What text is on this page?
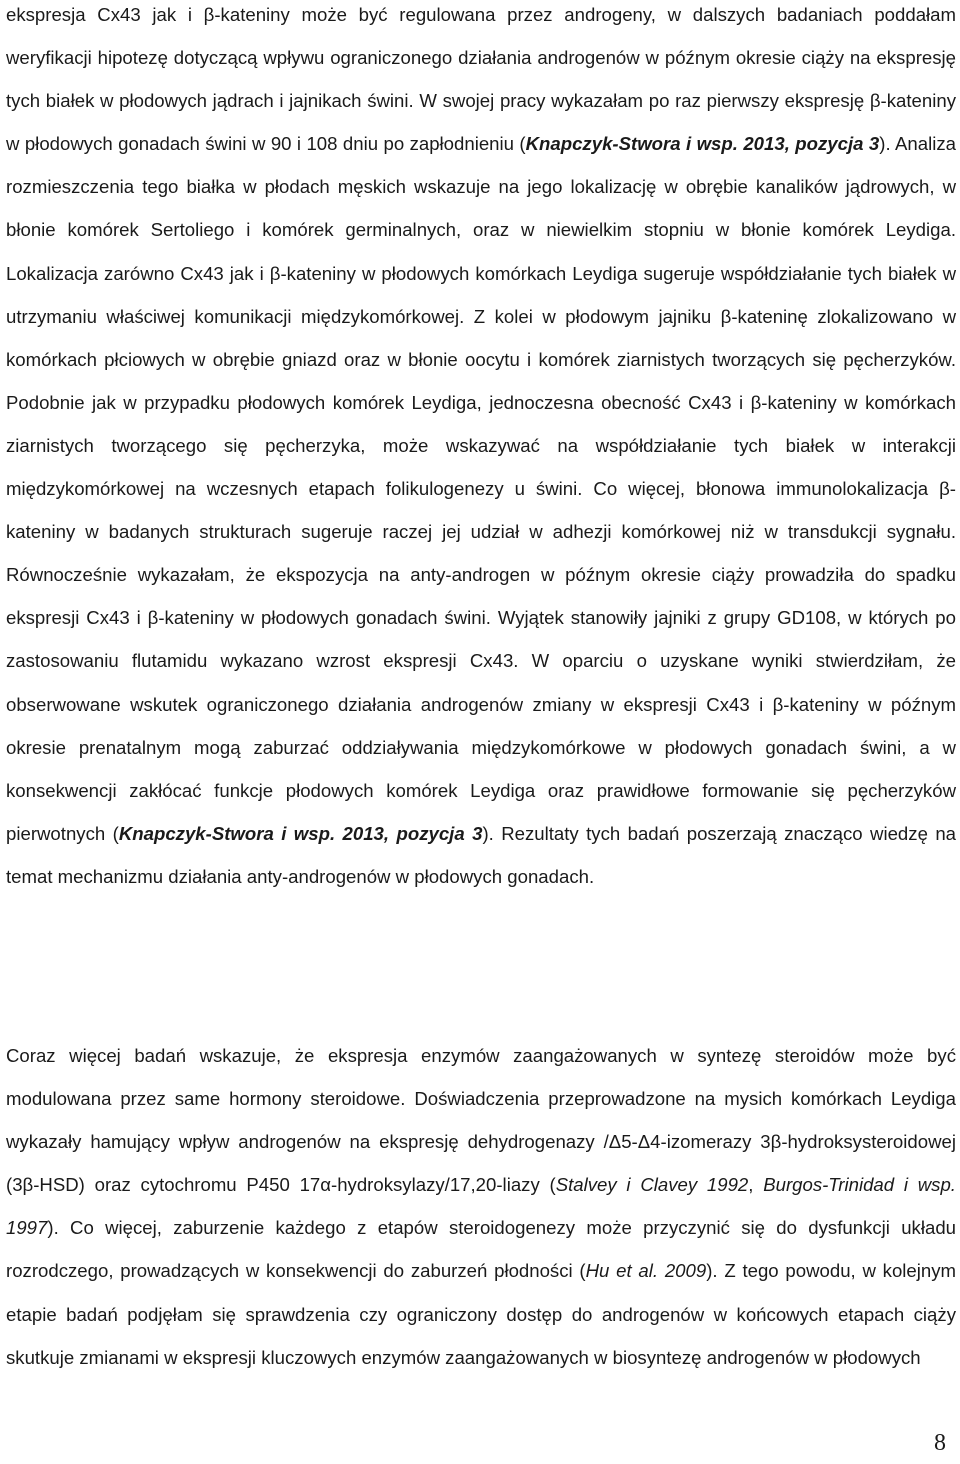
ekspresja Cx43 jak i β-kateniny może być regulowana przez androgeny, w dalszych badaniach poddałam weryfikacji hipotezę dotyczącą wpływu ograniczonego działania androgenów w późnym okresie ciąży na ekspresję tych białek w płodowych jądrach i jajnikach świni. W swojej pracy wykazałam po raz pierwszy ekspresję β-kateniny w płodowych gonadach świni w 90 i 108 dniu po zapłodnieniu (Knapczyk-Stwora i wsp. 2013, pozycja 3). Analiza rozmieszczenia tego białka w płodach męskich wskazuje na jego lokalizację w obrębie kanalików jądrowych, w błonie komórek Sertoliego i komórek germinalnych, oraz w niewielkim stopniu w błonie komórek Leydiga. Lokalizacja zarówno Cx43 jak i β-kateniny w płodowych komórkach Leydiga sugeruje współdziałanie tych białek w utrzymaniu właściwej komunikacji międzykomórkowej. Z kolei w płodowym jajniku β-kateninę zlokalizowano w komórkach płciowych w obrębie gniazd oraz w błonie oocytu i komórek ziarnistych tworzących się pęcherzyków. Podobnie jak w przypadku płodowych komórek Leydiga, jednoczesna obecność Cx43 i β-kateniny w komórkach ziarnistych tworzącego się pęcherzyka, może wskazywać na współdziałanie tych białek w interakcji międzykomórkowej na wczesnych etapach folikulogenezy u świni. Co więcej, błonowa immunolokalizacja β-kateniny w badanych strukturach sugeruje raczej jej udział w adhezji komórkowej niż w transdukcji sygnału. Równocześnie wykazałam, że ekspozycja na anty-androgen w późnym okresie ciąży prowadziła do spadku ekspresji Cx43 i β-kateniny w płodowych gonadach świni. Wyjątek stanowiły jajniki z grupy GD108, w których po zastosowaniu flutamidu wykazano wzrost ekspresji Cx43. W oparciu o uzyskane wyniki stwierdziłam, że obserwowane wskutek ograniczonego działania androgenów zmiany w ekspresji Cx43 i β-kateniny w późnym okresie prenatalnym mogą zaburzać oddziaływania międzykomórkowe w płodowych gonadach świni, a w konsekwencji zakłócać funkcje płodowych komórek Leydiga oraz prawidłowe formowanie się pęcherzyków pierwotnych (Knapczyk-Stwora i wsp. 2013, pozycja 3). Rezultaty tych badań poszerzają znacząco wiedzę na temat mechanizmu działania anty-androgenów w płodowych gonadach.

Coraz więcej badań wskazuje, że ekspresja enzymów zaangażowanych w syntezę steroidów może być modulowana przez same hormony steroidowe. Doświadczenia przeprowadzone na mysich komórkach Leydiga wykazały hamujący wpływ androgenów na ekspresję dehydrogenazy /Δ5-Δ4-izomerazy 3β-hydroksysteroidowej (3β-HSD) oraz cytochromu P450 17α-hydroksylazy/17,20-liazy (Stalvey i Clavey 1992, Burgos-Trinidad i wsp. 1997). Co więcej, zaburzenie każdego z etapów steroidogenezy może przyczynić się do dysfunkcji układu rozrodczego, prowadzących w konsekwencji do zaburzeń płodności (Hu et al. 2009). Z tego powodu, w kolejnym etapie badań podjęłam się sprawdzenia czy ograniczony dostęp do androgenów w końcowych etapach ciąży skutkuje zmianami w ekspresji kluczowych enzymów zaangażowanych w biosyntezę androgenów w płodowych

8
